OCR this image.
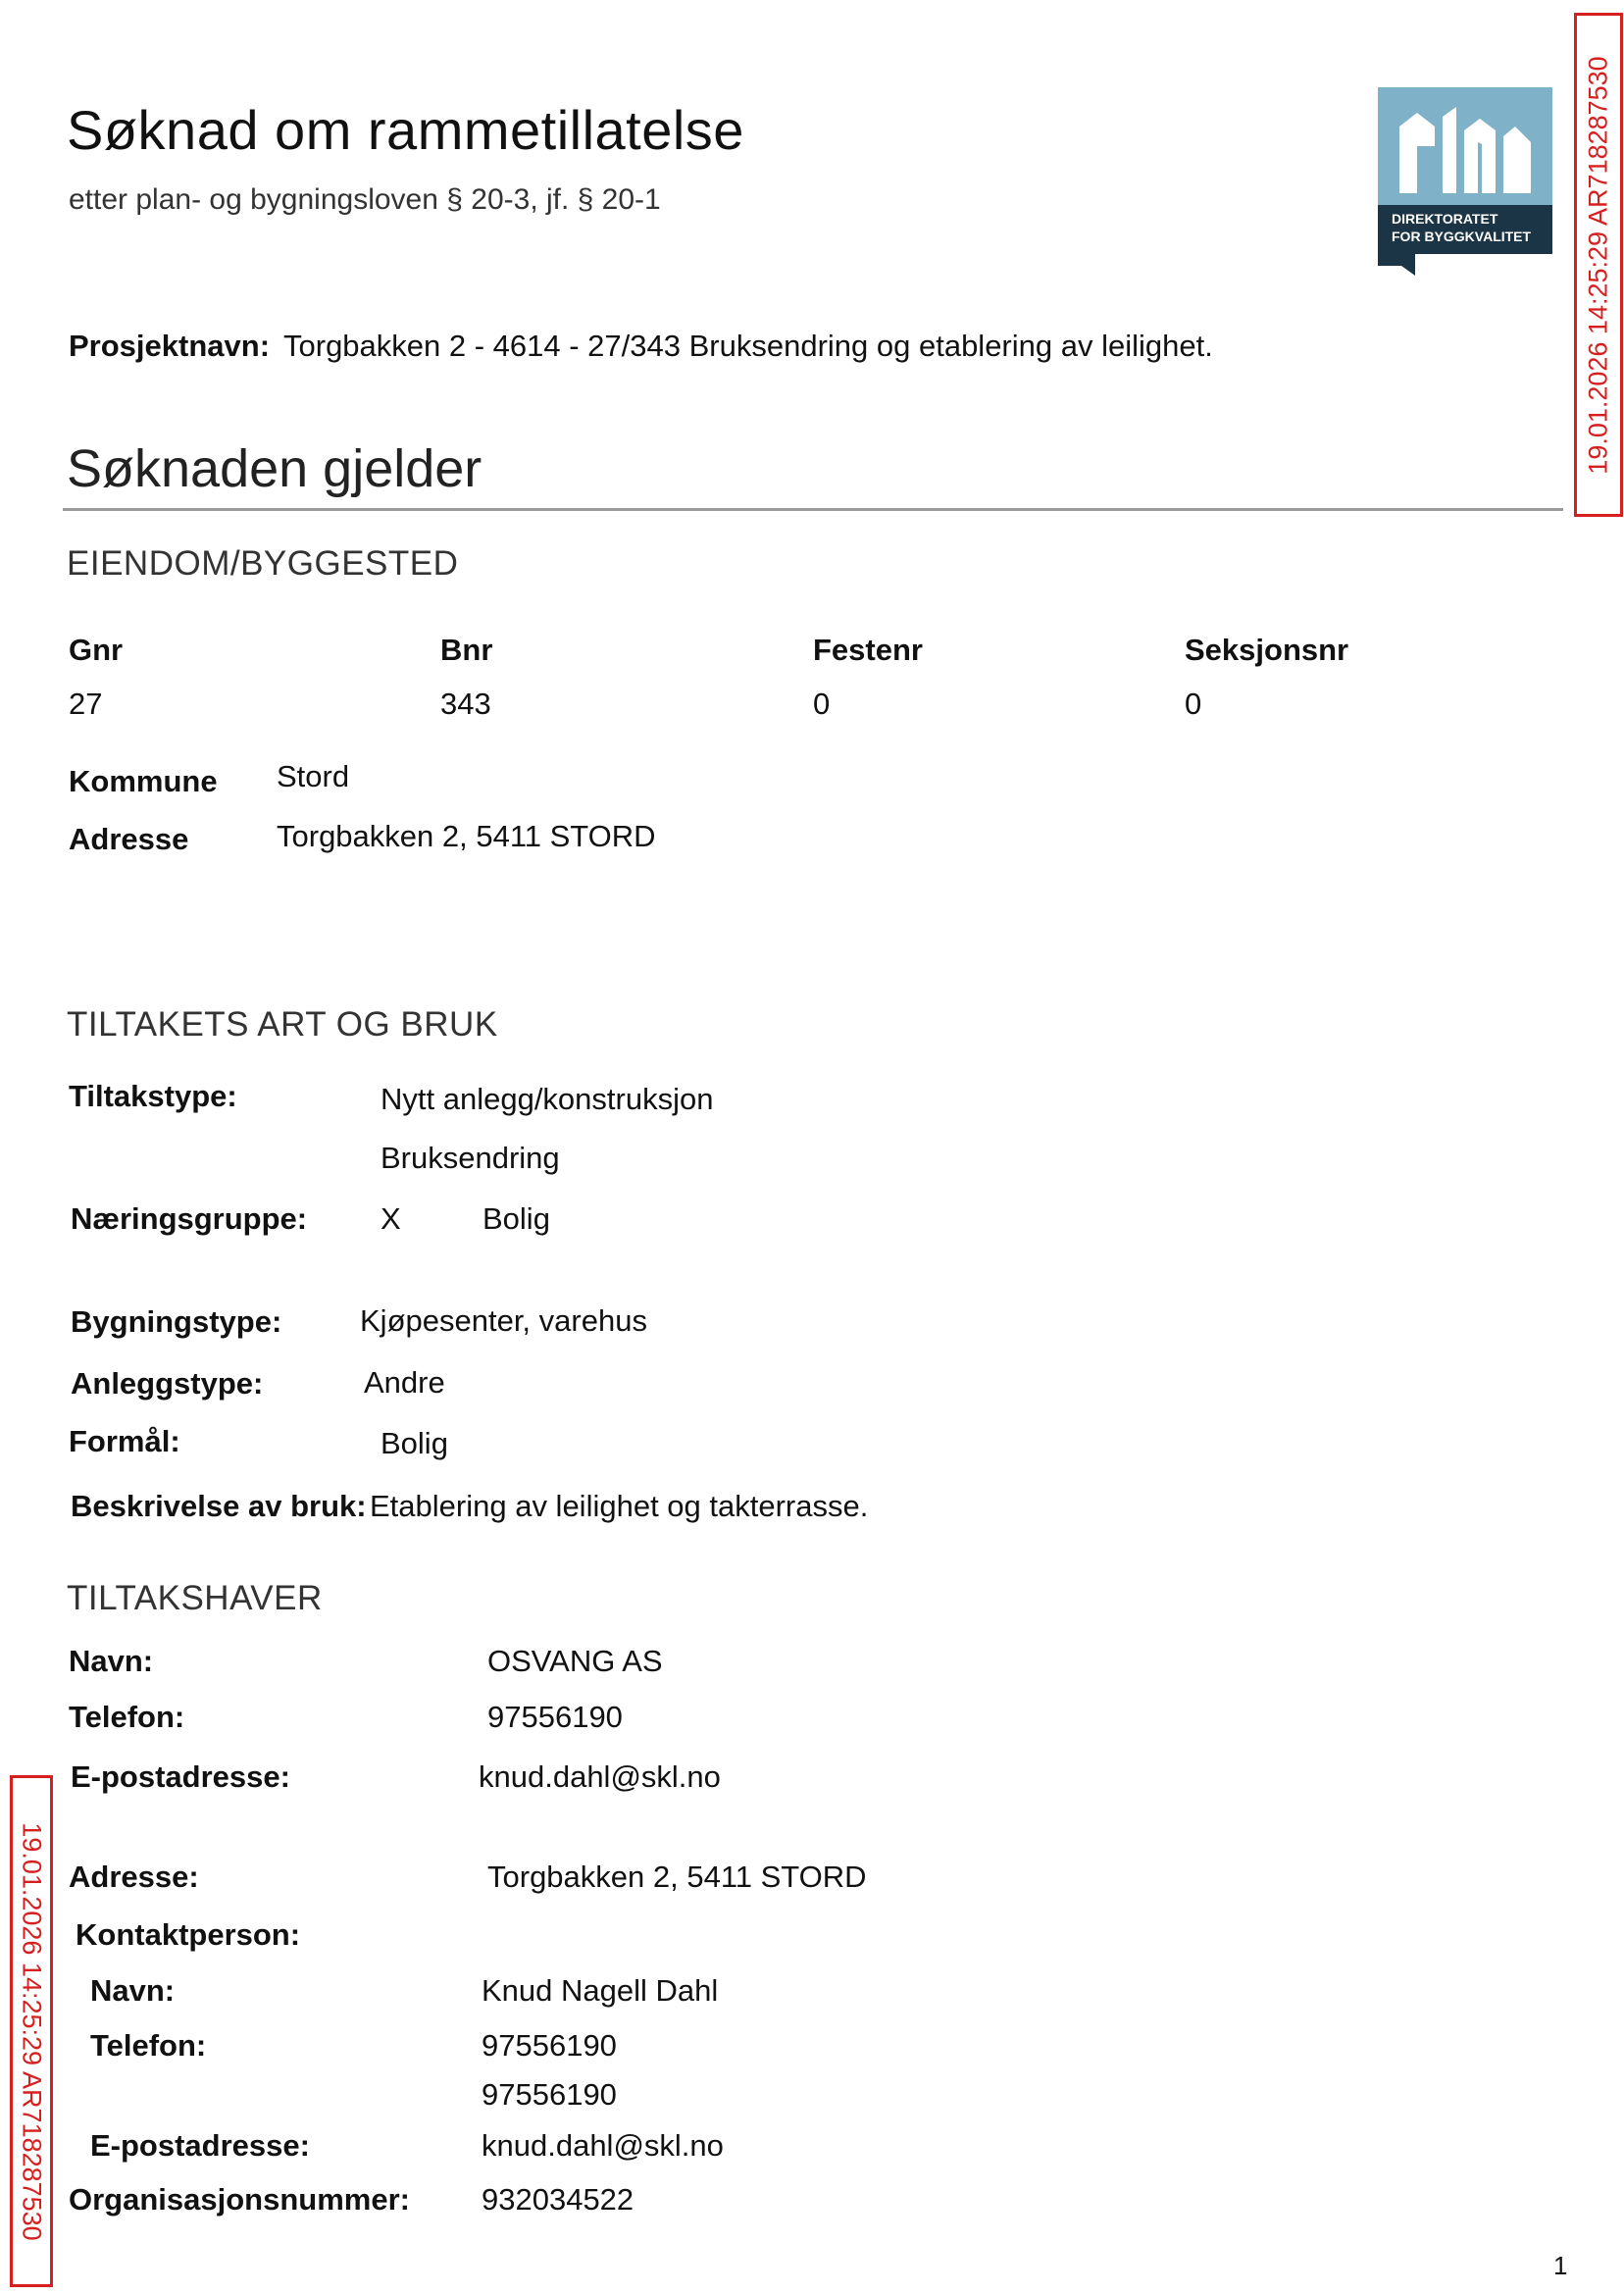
Søknad om rammetillatelse
etter plan- og bygningsloven § 20-3, jf. § 20-1
DIREKTORATET
FOR BYGGKVALITET 19.01.2026 14:25:29 AR718287530
19.01.2026 14:25:29 AR718287530
Prosjektnavn: Torgbakken 2 - 4614 - 27/343 Bruksendring og etablering av leilighet.
Søknaden gjelder
EIENDOM/BYGGESTED
Gnr	Bnr	Festenr	Seksjonsnr
27	343	0	0
Kommune Stord
Adresse	Torgbakken 2, 5411 STORD
TILTAKETS ART OG BRUK
Tiltakstype:	Nytt anlegg/konstruksjon
Bruksendring
Næringsgruppe: X	Bolig
Bygningstype:	Kjøpesenter, varehus
Anleggstype:	Andre
Formål:	Bolig
Beskrivelse av bruk: Etablering av leilighet og takterrasse.
TILTAKSHAVER
Navn:	OSVANG AS
Telefon:	97556190
E-postadresse:	knud.dahl@skl.no
Adresse:	Torgbakken 2, 5411 STORD
Kontaktperson:
Navn:	Knud Nagell Dahl
Telefon:	97556190
97556190
E-postadresse:	knud.dahl@skl.no
Organisasjonsnummer: 932034522
1
